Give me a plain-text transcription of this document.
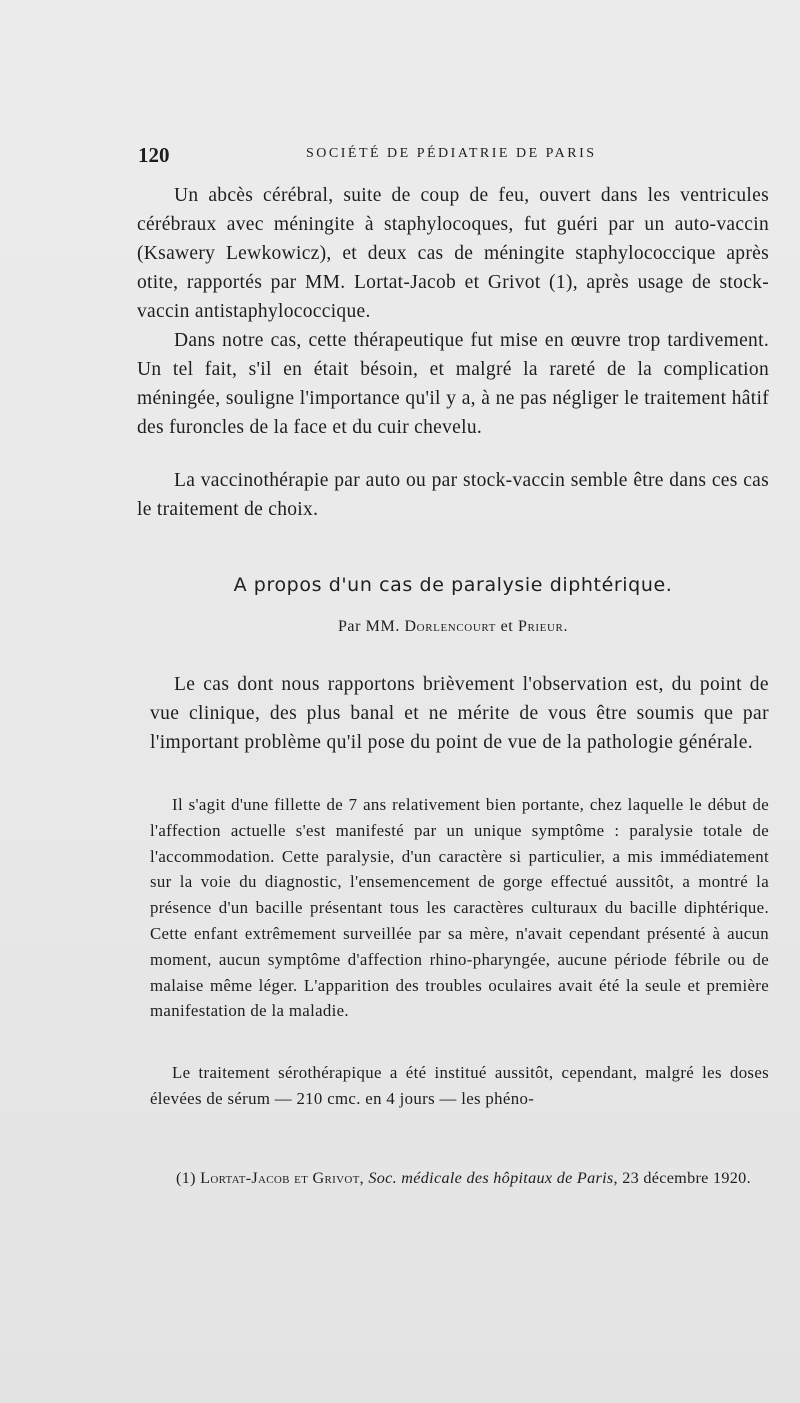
120	SOCIÉTÉ DE PÉDIATRIE DE PARIS

Un abcès cérébral, suite de coup de feu, ouvert dans les ventricules cérébraux avec méningite à staphylocoques, fut guéri par un auto-vaccin (Ksawery Lewkowicz), et deux cas de méningite staphylococcique après otite, rapportés par MM. Lortat-Jacob et Grivot (1), après usage de stock-vaccin antistaphylococcique.

Dans notre cas, cette thérapeutique fut mise en œuvre trop tardivement. Un tel fait, s'il en était bésoin, et malgré la rareté de la complication méningée, souligne l'importance qu'il y a, à ne pas négliger le traitement hâtif des furoncles de la face et du cuir chevelu.

La vaccinothérapie par auto ou par stock-vaccin semble être dans ces cas le traitement de choix.

A propos d'un cas de paralysie diphtérique.
Par MM. Dorlencourt et Prieur.

Le cas dont nous rapportons brièvement l'observation est, du point de vue clinique, des plus banal et ne mérite de vous être soumis que par l'important problème qu'il pose du point de vue de la pathologie générale.

Il s'agit d'une fillette de 7 ans relativement bien portante, chez laquelle le début de l'affection actuelle s'est manifesté par un unique symptôme : paralysie totale de l'accommodation. Cette paralysie, d'un caractère si particulier, a mis immédiatement sur la voie du diagnostic, l'ensemencement de gorge effectué aussitôt, a montré la présence d'un bacille présentant tous les caractères culturaux du bacille diphtérique. Cette enfant extrêmement surveillée par sa mère, n'avait cependant présenté à aucun moment, aucun symptôme d'affection rhino-pharyngée, aucune période fébrile ou de malaise même léger. L'apparition des troubles oculaires avait été la seule et première manifestation de la maladie.

Le traitement sérothérapique a été institué aussitôt, cependant, malgré les doses élevées de sérum — 210 cmc. en 4 jours — les phéno-

(1) Lortat-Jacob et Grivot, Soc. médicale des hôpitaux de Paris, 23 décembre 1920.
